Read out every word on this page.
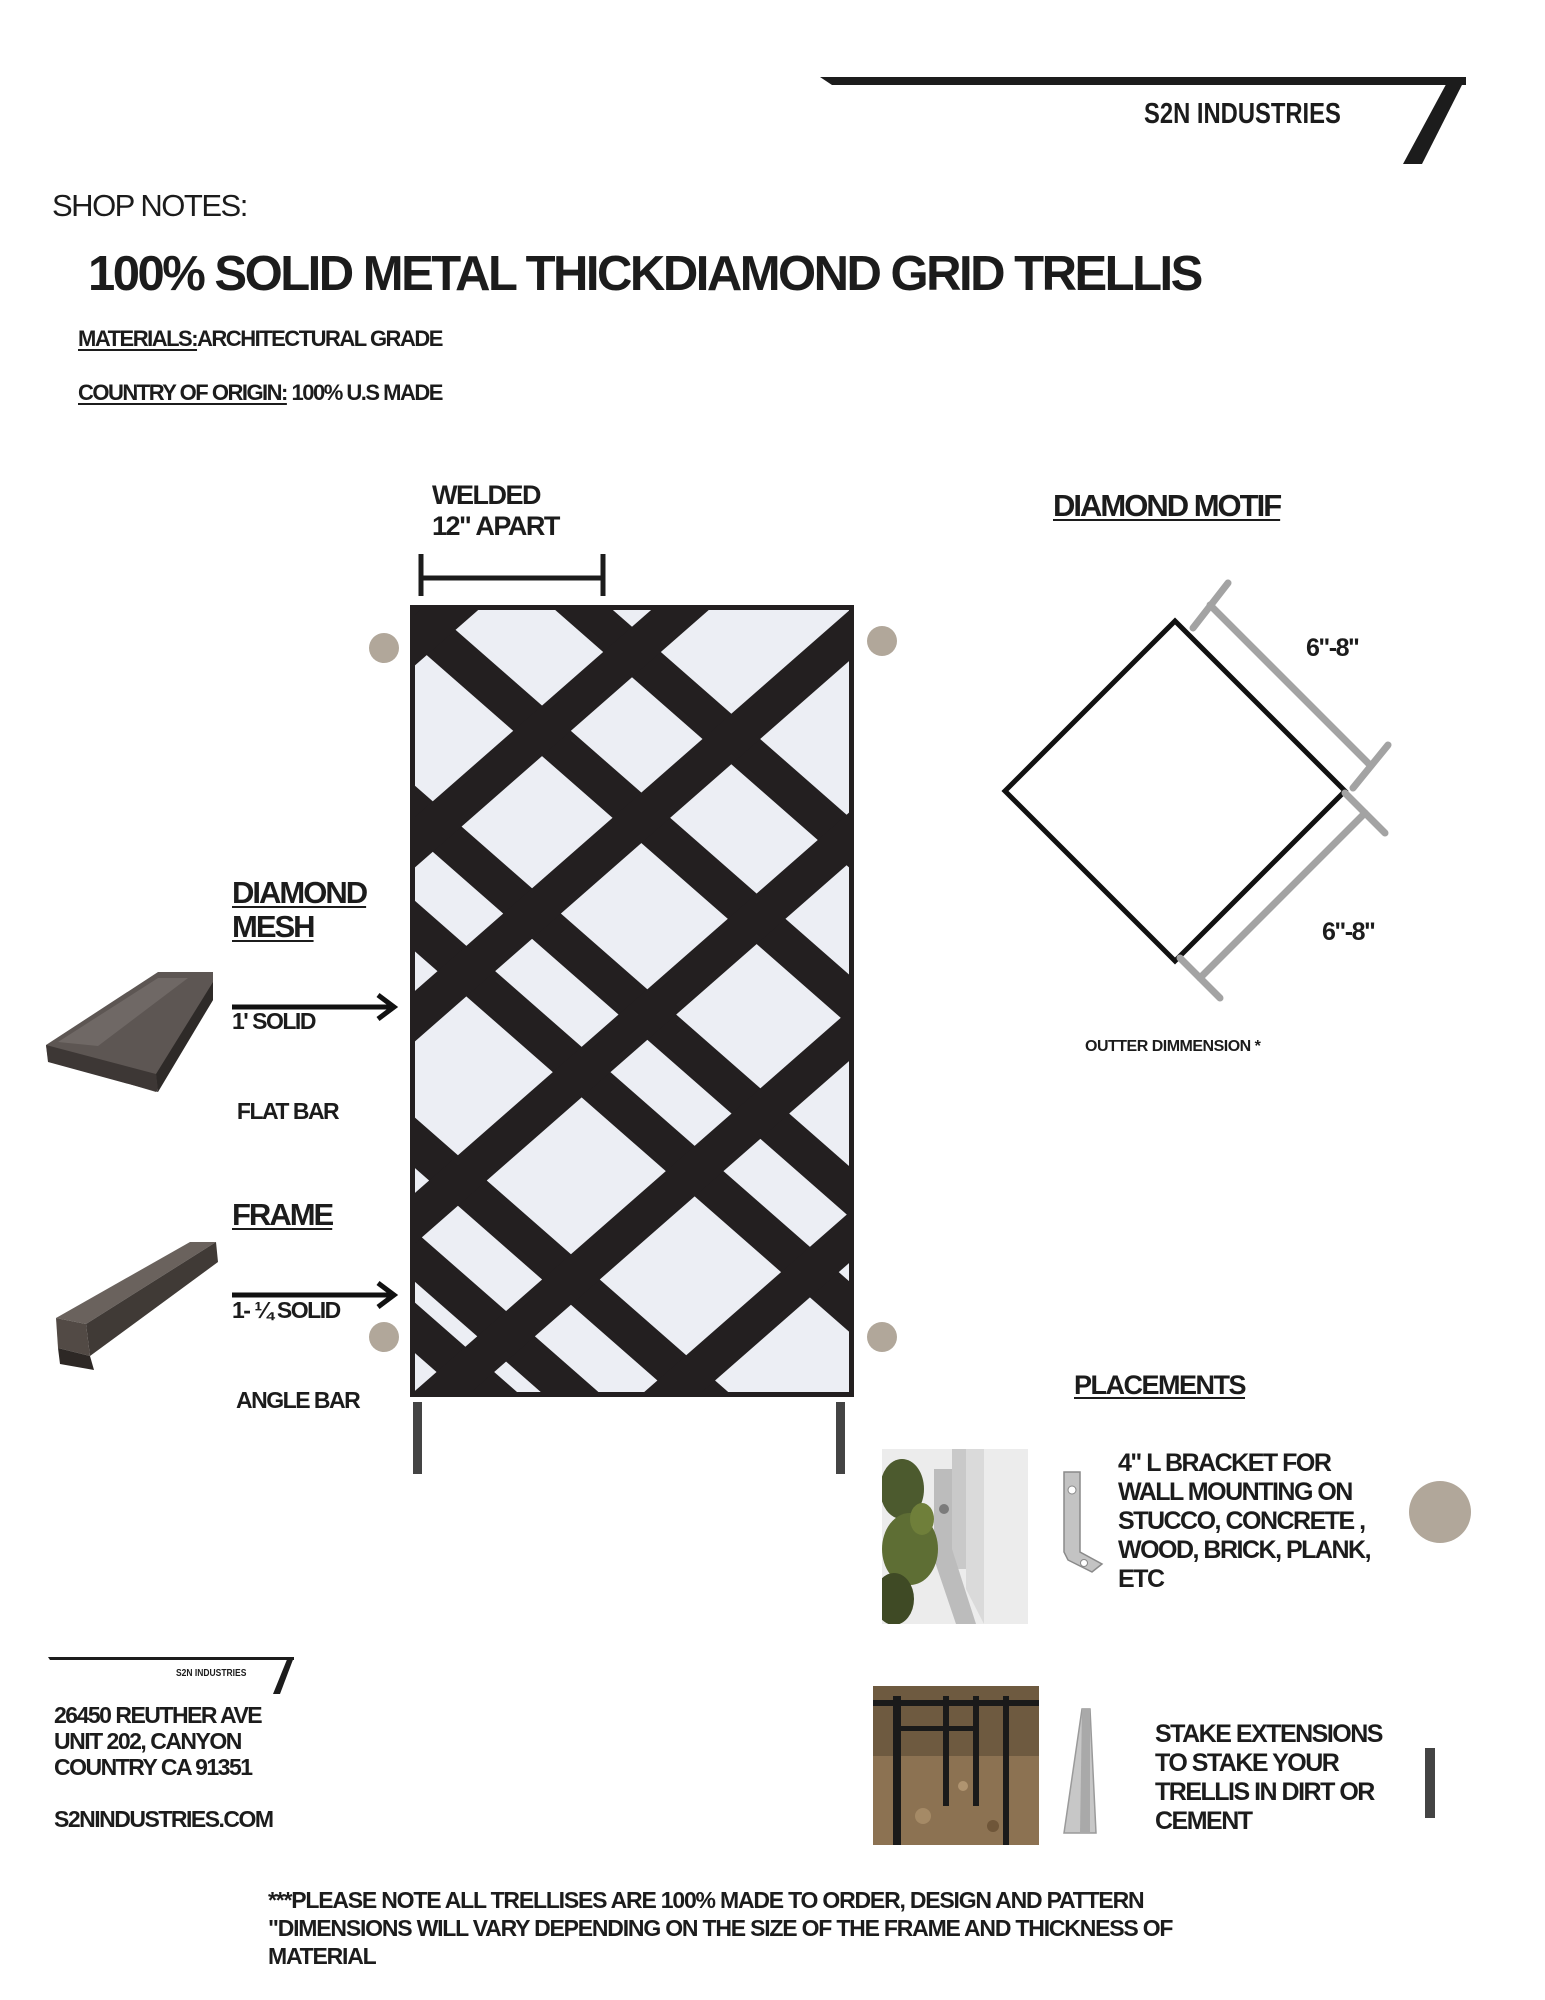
S2N INDUSTRIES
SHOP NOTES:
100% SOLID METAL THICKDIAMOND GRID TRELLIS
MATERIALS:ARCHITECTURAL GRADE
COUNTRY OF ORIGIN: 100% U.S MADE
WELDED
12" APART
DIAMOND
MESH

1' SOLID

FLAT BAR

FRAME

1- ¼ SOLID

ANGLE BAR

DIAMOND MOTIF
6"-8"
6"-8"
OUTTER DIMMENSION *
PLACEMENTS
4" L BRACKET FOR
WALL MOUNTING ON
STUCCO, CONCRETE ,
WOOD, BRICK, PLANK,
ETC
STAKE EXTENSIONS
TO STAKE YOUR
TRELLIS IN DIRT OR
CEMENT
S2N INDUSTRIES
26450 REUTHER AVE
UNIT 202, CANYON
COUNTRY CA 91351
S2NINDUSTRIES.COM
***PLEASE NOTE ALL TRELLISES ARE 100% MADE TO ORDER, DESIGN AND PATTERN
"DIMENSIONS WILL VARY DEPENDING ON THE SIZE OF THE FRAME AND THICKNESS OF
MATERIAL
